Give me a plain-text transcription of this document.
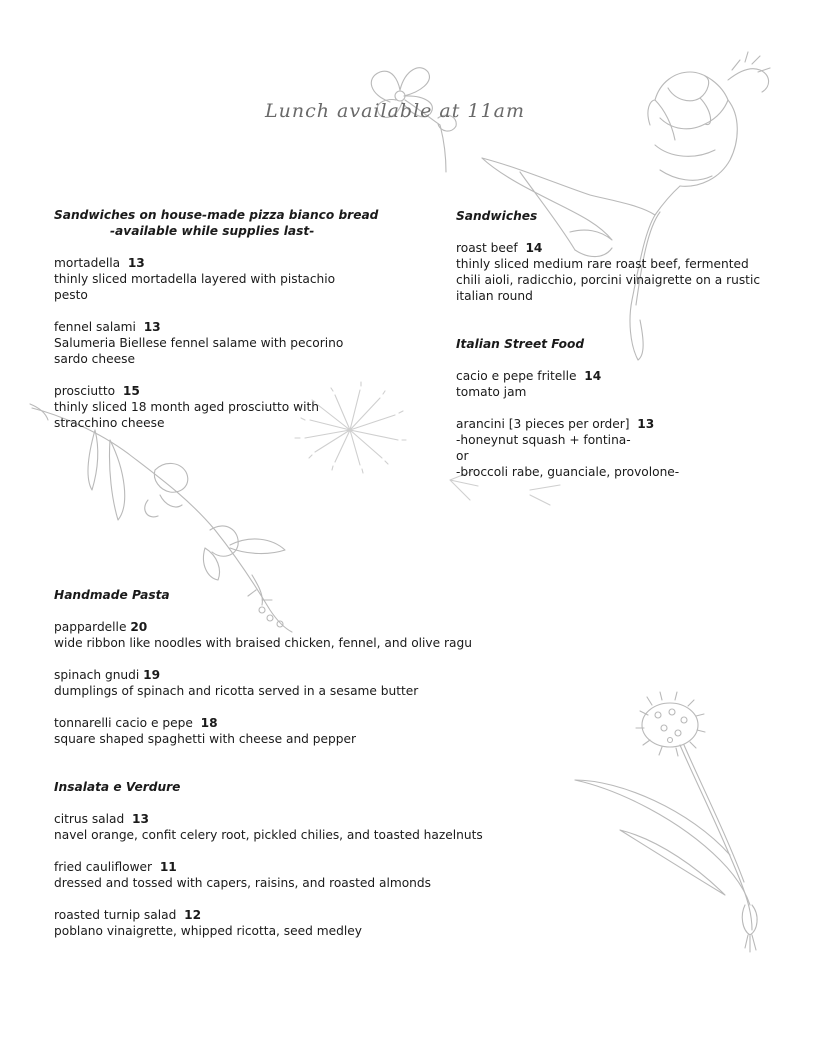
Lunch available at 11am
Sandwiches on house-made pizza bianco bread
-available while supplies last-
mortadella 13
thinly sliced mortadella layered with pistachio
pesto
fennel salami 13
Salumeria Biellese fennel salame with pecorino
sardo cheese
prosciutto 15
thinly sliced 18 month aged prosciutto with
stracchino cheese
Sandwiches
roast beef 14
thinly sliced medium rare roast beef, fermented
chili aioli, radicchio, porcini vinaigrette on a rustic
italian round
Italian Street Food
cacio e pepe fritelle 14
tomato jam
arancini [3 pieces per order] 13
-honeynut squash + fontina-
or
-broccoli rabe, guanciale, provolone-
Handmade Pasta
pappardelle 20
wide ribbon like noodles with braised chicken, fennel, and olive ragu
spinach gnudi 19
dumplings of spinach and ricotta served in a sesame butter
tonnarelli cacio e pepe 18
square shaped spaghetti with cheese and pepper
Insalata e Verdure
citrus salad 13
navel orange, confit celery root, pickled chilies, and toasted hazelnuts
fried cauliflower 11
dressed and tossed with capers, raisins, and roasted almonds
roasted turnip salad 12
poblano vinaigrette, whipped ricotta, seed medley
